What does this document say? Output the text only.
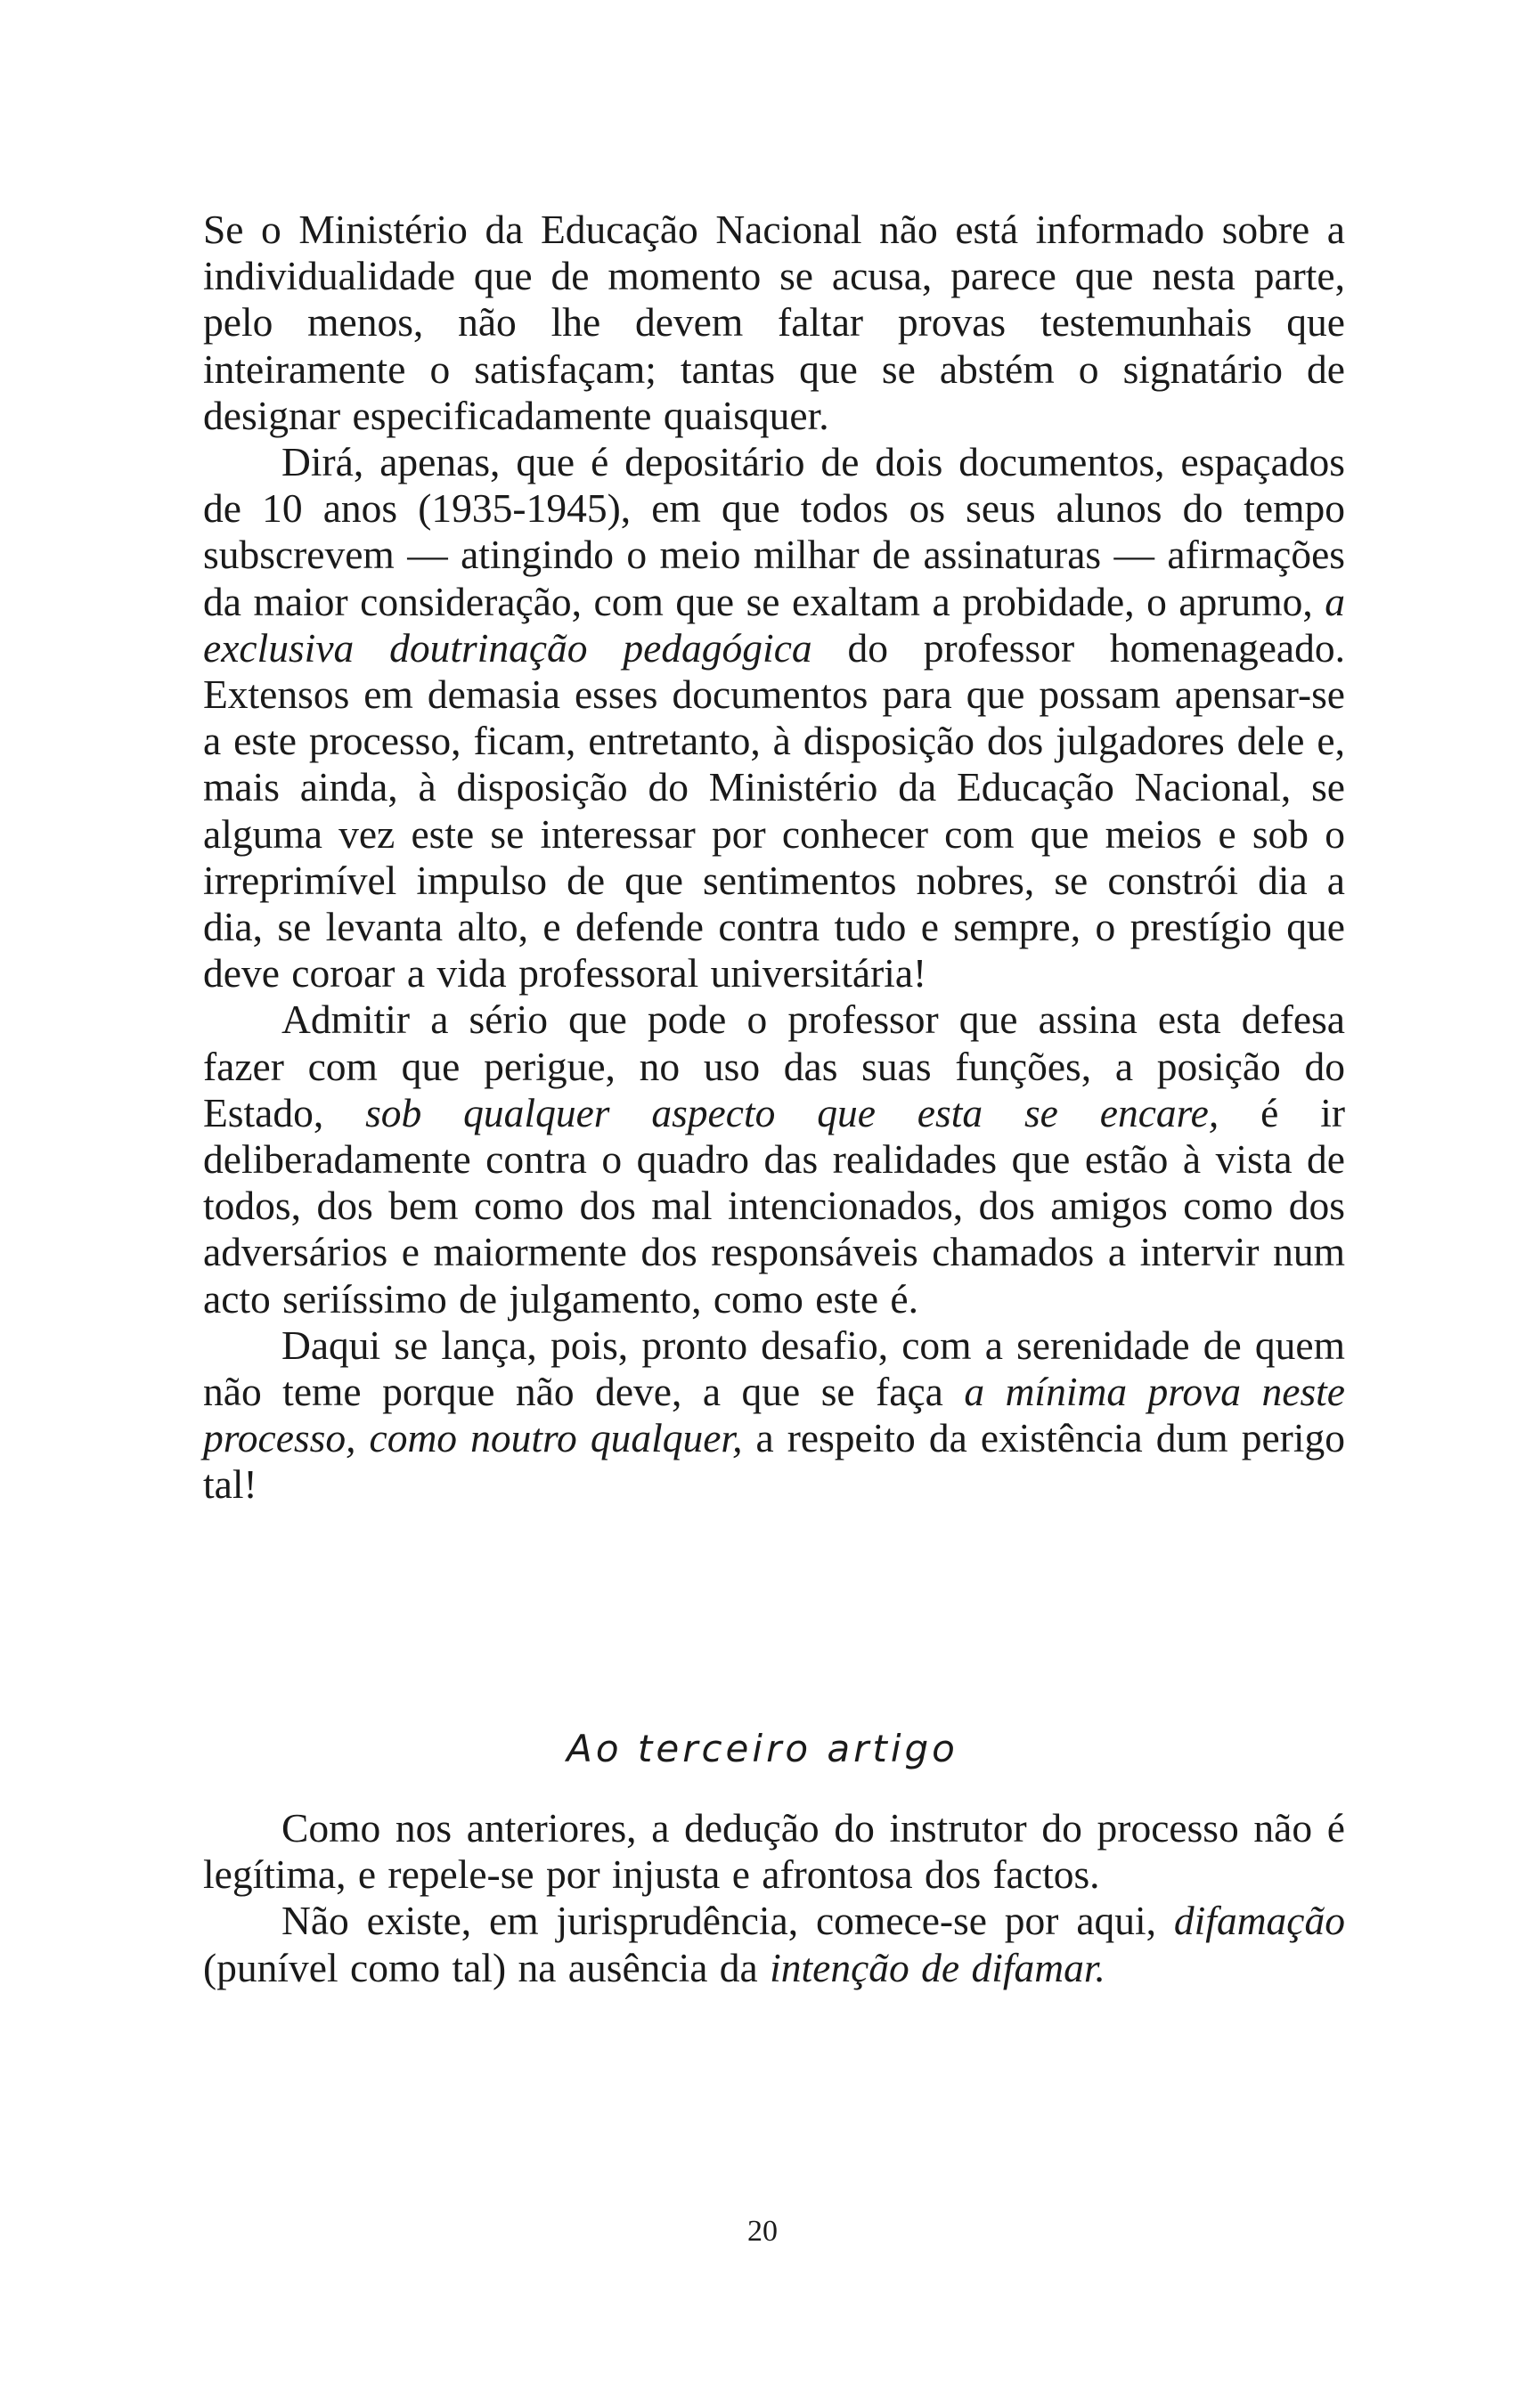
Se o Ministério da Educação Nacional não está informado sobre a individualidade que de momento se acusa, parece que nesta parte, pelo menos, não lhe devem faltar provas testemunhais que inteiramente o satisfaçam; tantas que se abstém o signatário de designar especificadamente quaisquer.

Dirá, apenas, que é depositário de dois documentos, espaçados de 10 anos (1935-1945), em que todos os seus alunos do tempo subscrevem — atingindo o meio milhar de assinaturas — afirmações da maior consideração, com que se exaltam a probidade, o aprumo, a exclusiva doutrinação pedagógica do professor homenageado. Extensos em demasia esses documentos para que possam apensar-se a este processo, ficam, entretanto, à disposição dos julgadores dele e, mais ainda, à disposição do Ministério da Educação Nacional, se alguma vez este se interessar por conhecer com que meios e sob o irreprimível impulso de que sentimentos nobres, se constrói dia a dia, se levanta alto, e defende contra tudo e sempre, o prestígio que deve coroar a vida professoral universitária!

Admitir a sério que pode o professor que assina esta defesa fazer com que perigue, no uso das suas funções, a posição do Estado, sob qualquer aspecto que esta se encare, é ir deliberadamente contra o quadro das realidades que estão à vista de todos, dos bem como dos mal intencionados, dos amigos como dos adversários e maiormente dos responsáveis chamados a intervir num acto seriíssimo de julgamento, como este é.

Daqui se lança, pois, pronto desafio, com a serenidade de quem não teme porque não deve, a que se faça a mínima prova neste processo, como noutro qualquer, a respeito da existência dum perigo tal!

Ao terceiro artigo

Como nos anteriores, a dedução do instrutor do processo não é legítima, e repele-se por injusta e afrontosa dos factos.

Não existe, em jurisprudência, comece-se por aqui, difamação (punível como tal) na ausência da intenção de difamar.

20
